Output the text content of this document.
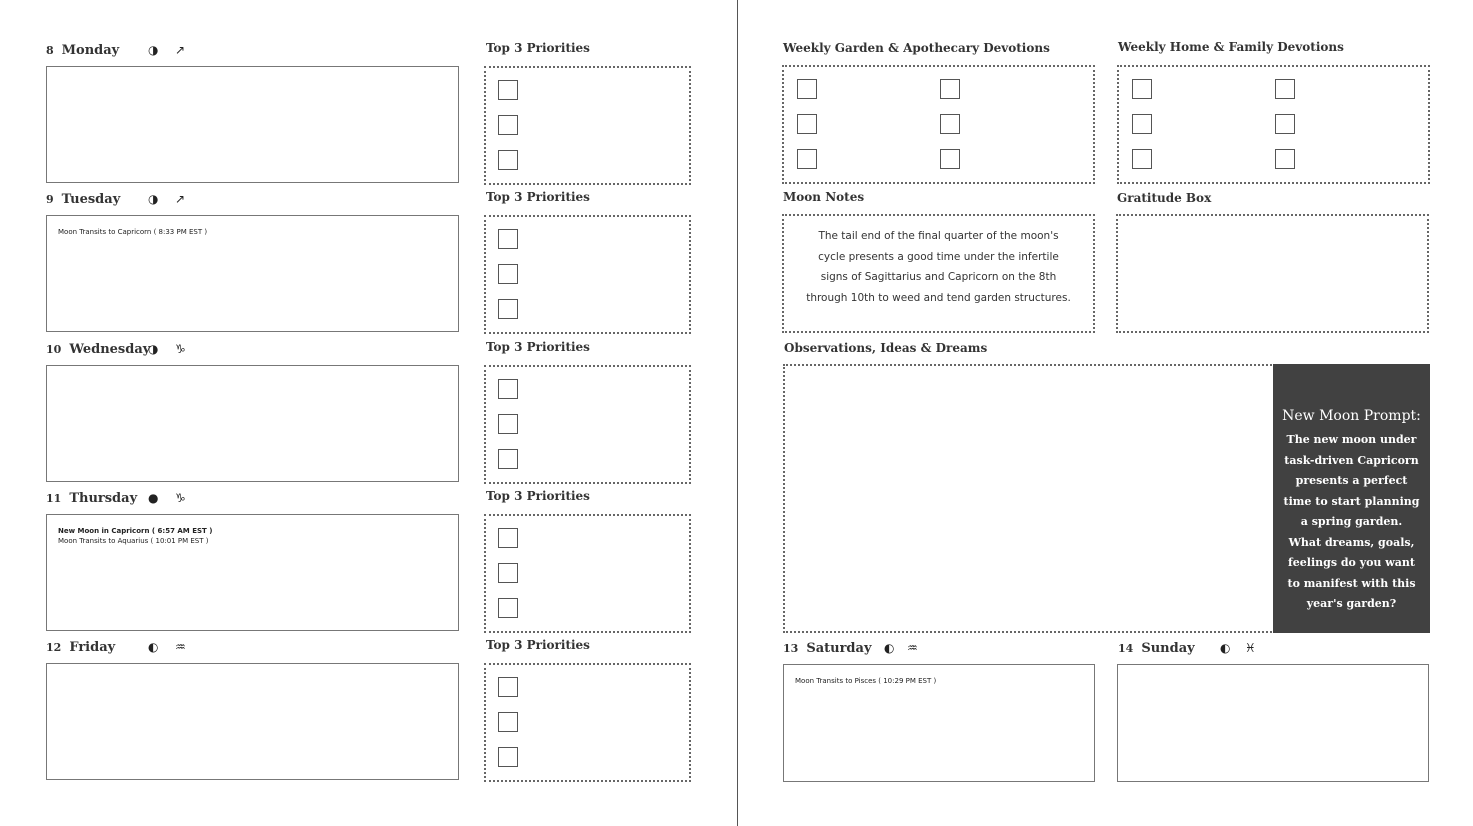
8 Monday ◑ ↗	Top 3 Priorities
9 Tuesday ◑ ↗
Moon Transits to Capricorn ( 8:33 PM EST )
Top 3 Priorities
10 Wednesday
◑ ♑	Top 3 Priorities
11 Thursday ● ♑
New Moon in Capricorn ( 6:57 AM EST )
Moon Transits to Aquarius ( 10:01 PM EST )
Top 3 Priorities
12 Friday	◐ ♒	Top 3 Priorities
Weekly Garden & Apothecary Devotions	Weekly Home & Family Devotions
Moon Notes
The tail end of the final quarter of the moon's cycle presents a good time under the infertile signs of Sagittarius and Capricorn on the 8th through 10th to weed and tend garden structures.
Gratitude Box
Observations, Ideas & Dreams
New Moon Prompt:
The new moon under task-driven Capricorn presents a perfect time to start planning a spring garden. What dreams, goals, feelings do you want to manifest with this year's garden?
13 Saturday ◐ ♒
Moon Transits to Pisces ( 10:29 PM EST )
14 Sunday ◐ ♓
